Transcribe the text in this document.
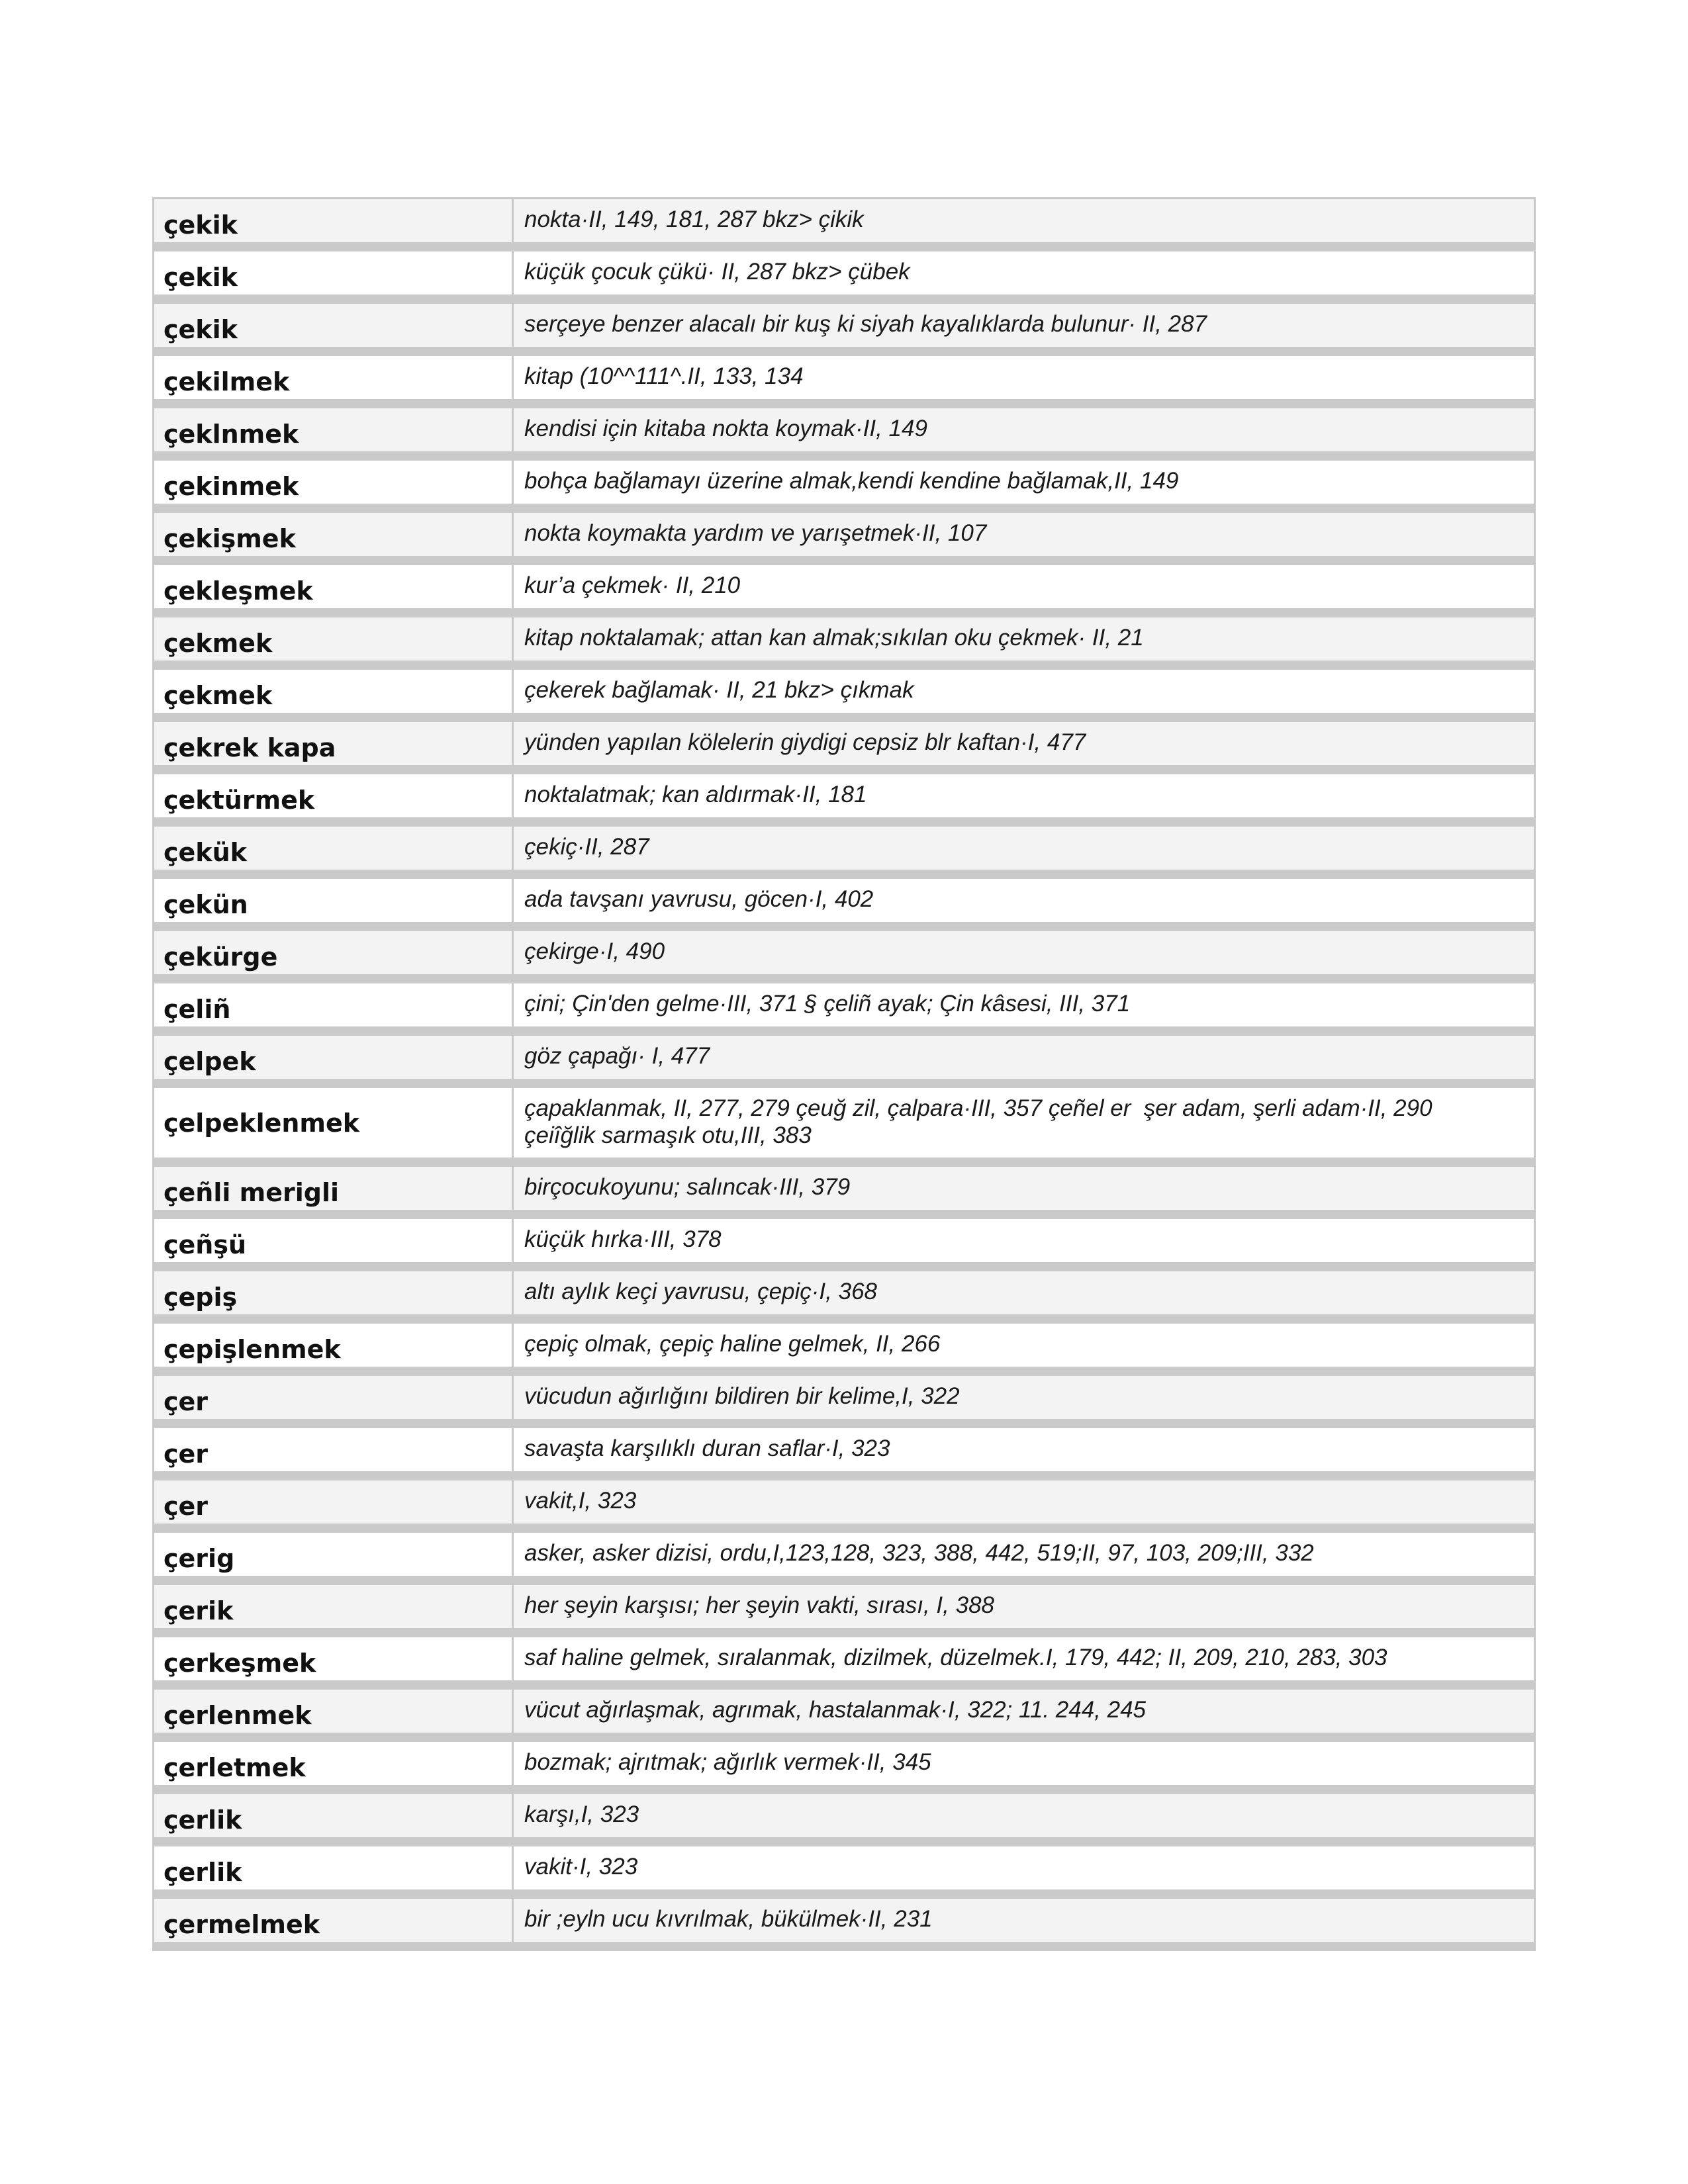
çekik	nokta·II, 149, 181, 287 bkz> çikik
çekik	küçük çocuk çükü· II, 287 bkz> çübek
çekik	serçeye benzer alacalı bir kuş ki siyah kayalıklarda bulunur· II, 287
çekilmek	kitap (10^^111^.II, 133, 134
çeklnmek	kendisi için kitaba nokta koymak·II, 149
çekinmek	bohça bağlamayı üzerine almak,kendi kendine bağlamak,II, 149
çekişmek	nokta koymakta yardım ve yarışetmek·II, 107
çekleşmek	kur’a çekmek· II, 210
çekmek	kitap noktalamak; attan kan almak;sıkılan oku çekmek· II, 21
çekmek	çekerek bağlamak· II, 21 bkz> çıkmak
çekrek kapa	yünden yapılan kölelerin giydigi cepsiz blr kaftan·I, 477
çektürmek	noktalatmak; kan aldırmak·II, 181
çekük	çekiç·II, 287
çekün	ada tavşanı yavrusu, göcen·I, 402
çekürge	çekirge·I, 490
çeliñ	çini; Çin'den gelme·III, 371 § çeliñ ayak; Çin kâsesi, III, 371
çelpek	göz çapağı· I, 477
çelpeklenmek	çapaklanmak, II, 277, 279 çeuğ zil, çalpara·III, 357 çeñel er  şer adam, şerli adam·II, 290
çeiîğlik sarmaşık otu,III, 383
çeñli merigli	birçocukoyunu; salıncak·III, 379
çeñşü	küçük hırka·III, 378
çepiş	altı aylık keçi yavrusu, çepiç·I, 368
çepişlenmek	çepiç olmak, çepiç haline gelmek, II, 266
çer	vücudun ağırlığını bildiren bir kelime,I, 322
çer	savaşta karşılıklı duran saflar·I, 323
çer	vakit,I, 323
çerig	asker, asker dizisi, ordu,I,123,128, 323, 388, 442, 519;II, 97, 103, 209;III, 332
çerik	her şeyin karşısı; her şeyin vakti, sırası, I, 388
çerkeşmek	saf haline gelmek, sıralanmak, dizilmek, düzelmek.I, 179, 442; II, 209, 210, 283, 303
çerlenmek	vücut ağırlaşmak, agrımak, hastalanmak·I, 322; 11. 244, 245
çerletmek	bozmak; ajrıtmak; ağırlık vermek·II, 345
çerlik	karşı,I, 323
çerlik	vakit·I, 323
çermelmek	bir ;eyln ucu kıvrılmak, bükülmek·II, 231
